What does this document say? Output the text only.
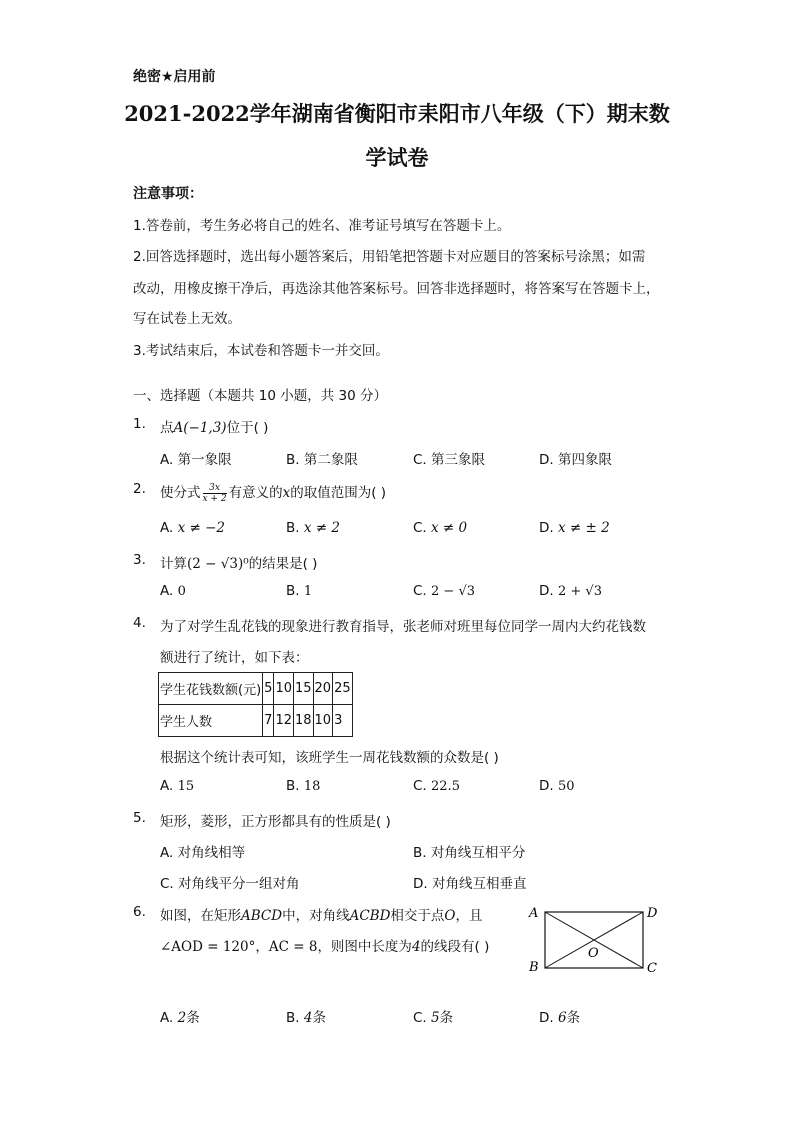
绝密★启用前
2021-2022学年湖南省衡阳市耒阳市八年级（下）期末数
学试卷
注意事项：
1.答卷前，考生务必将自己的姓名、准考证号填写在答题卡上。
2.回答选择题时，选出每小题答案后，用铅笔把答题卡对应题目的答案标号涂黑；如需
改动，用橡皮擦干净后，再选涂其他答案标号。回答非选择题时，将答案写在答题卡上，
写在试卷上无效。
3.考试结束后，本试卷和答题卡一并交回。
一、选择题（本题共 10 小题，共 30 分）
1. 点A(−1,3)位于( )
A. 第一象限	B. 第二象限	C. 第三象限	D. 第四象限
2. 使分式 $\frac{3x}{x + 2}$ 有意义的x的取值范围为( )
A. x ≠ −2	B. x ≠ 2	C. x ≠ 0	D. x ≠ ± 2
3. 计算(2 − √3)⁰的结果是( )
A. 0	B. 1	C. 2 − √3	D. 2 + √3
4. 为了对学生乱花钱的现象进行教育指导，张老师对班里每位同学一周内大约花钱数
额进行了统计，如下表：
学生花钱数额(元)	5	10	15	20	25
学生人数	7	12	18	10	3
根据这个统计表可知，该班学生一周花钱数额的众数是( )
A. 15	B. 18	C. 22.5	D. 50
5. 矩形，菱形，正方形都具有的性质是( )
A. 对角线相等	B. 对角线互相平分
C. 对角线平分一组对角	D. 对角线互相垂直
6. 如图，在矩形ABCD中，对角线ACBD相交于点O，且
∠AOD = 120°，AC = 8，则图中长度为4的线段有( )
A
B	C
D
O
A. 2条	B. 4条	C. 5条	D. 6条
